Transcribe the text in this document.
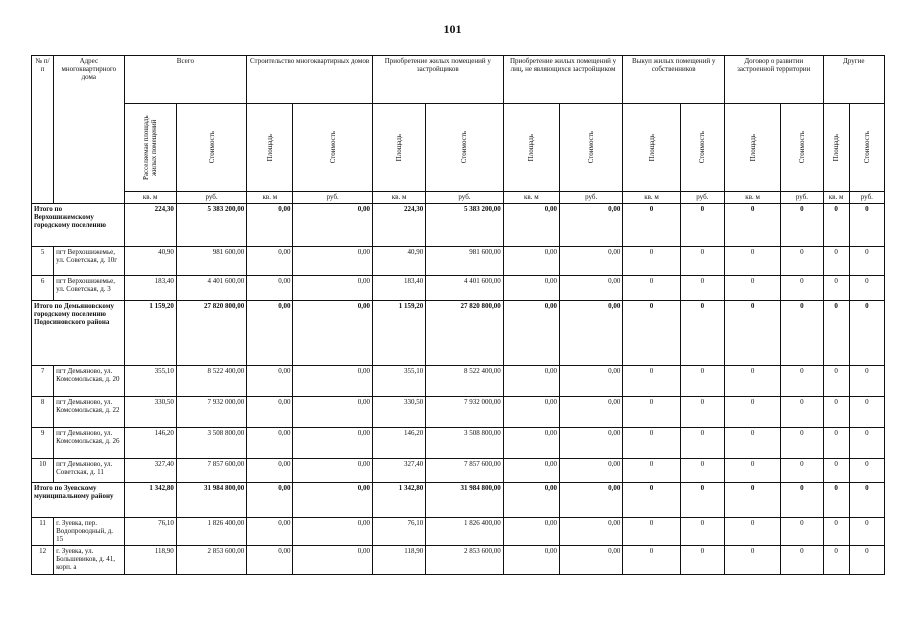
101
№ п/п	Адрес многоквартирного дома	Всего		Строительство многоквартирных домов		Приобретение жилых помещений у застройщиков		Приобретение жилых помещений у лиц, не являющихся застройщиком		Выкуп жилых помещений у собственников		Договор о развитии застроенной территории		Другие	

		Расселяемая площадь жилых помещений	Стоимость	Площадь	Стоимость	Площадь	Стоимость	Площадь	Стоимость	Площадь	Стоимость	Площадь	Стоимость	Площадь	Стоимость

		кв. м	руб.	кв. м	руб.	кв. м	руб.	кв. м	руб.	кв. м	руб.	кв. м	руб.	кв. м	руб.
Итого по Верхошижемскому городскому поселению		224,30	5 383 200,00	0,00	0,00	224,30	5 383 200,00	0,00	0,00	0	0	0	0	0	0
5	пгт Верхошижемье, ул. Советская, д. 10г	40,90	981 600,00	0,00	0,00	40,90	981 600,00	0,00	0,00	0	0	0	0	0	0
6	пгт Верхошижемье, ул. Советская, д. 3	183,40	4 401 600,00	0,00	0,00	183,40	4 401 600,00	0,00	0,00	0	0	0	0	0	0
Итого по Демьяновскому городскому поселению Подосиновского района		1 159,20	27 820 800,00	0,00	0,00	1 159,20	27 820 800,00	0,00	0,00	0	0	0	0	0	0
7	пгт Демьяново, ул. Комсомольская, д. 20	355,10	8 522 400,00	0,00	0,00	355,10	8 522 400,00	0,00	0,00	0	0	0	0	0	0
8	пгт Демьяново, ул. Комсомольская, д. 22	330,50	7 932 000,00	0,00	0,00	330,50	7 932 000,00	0,00	0,00	0	0	0	0	0	0
9	пгт Демьяново, ул. Комсомольская, д. 26	146,20	3 508 800,00	0,00	0,00	146,20	3 508 800,00	0,00	0,00	0	0	0	0	0	0
10	пгт Демьяново, ул. Советская, д. 11	327,40	7 857 600,00	0,00	0,00	327,40	7 857 600,00	0,00	0,00	0	0	0	0	0	0
Итого по Зуевскому муниципальному району		1 342,80	31 984 800,00	0,00	0,00	1 342,80	31 984 800,00	0,00	0,00	0	0	0	0	0	0
11	г. Зуевка, пер. Водопроводный, д. 15	76,10	1 826 400,00	0,00	0,00	76,10	1 826 400,00	0,00	0,00	0	0	0	0	0	0
12	г. Зуевка, ул. Большевиков, д. 41, корп. а	118,90	2 853 600,00	0,00	0,00	118,90	2 853 600,00	0,00	0,00	0	0	0	0	0	0
